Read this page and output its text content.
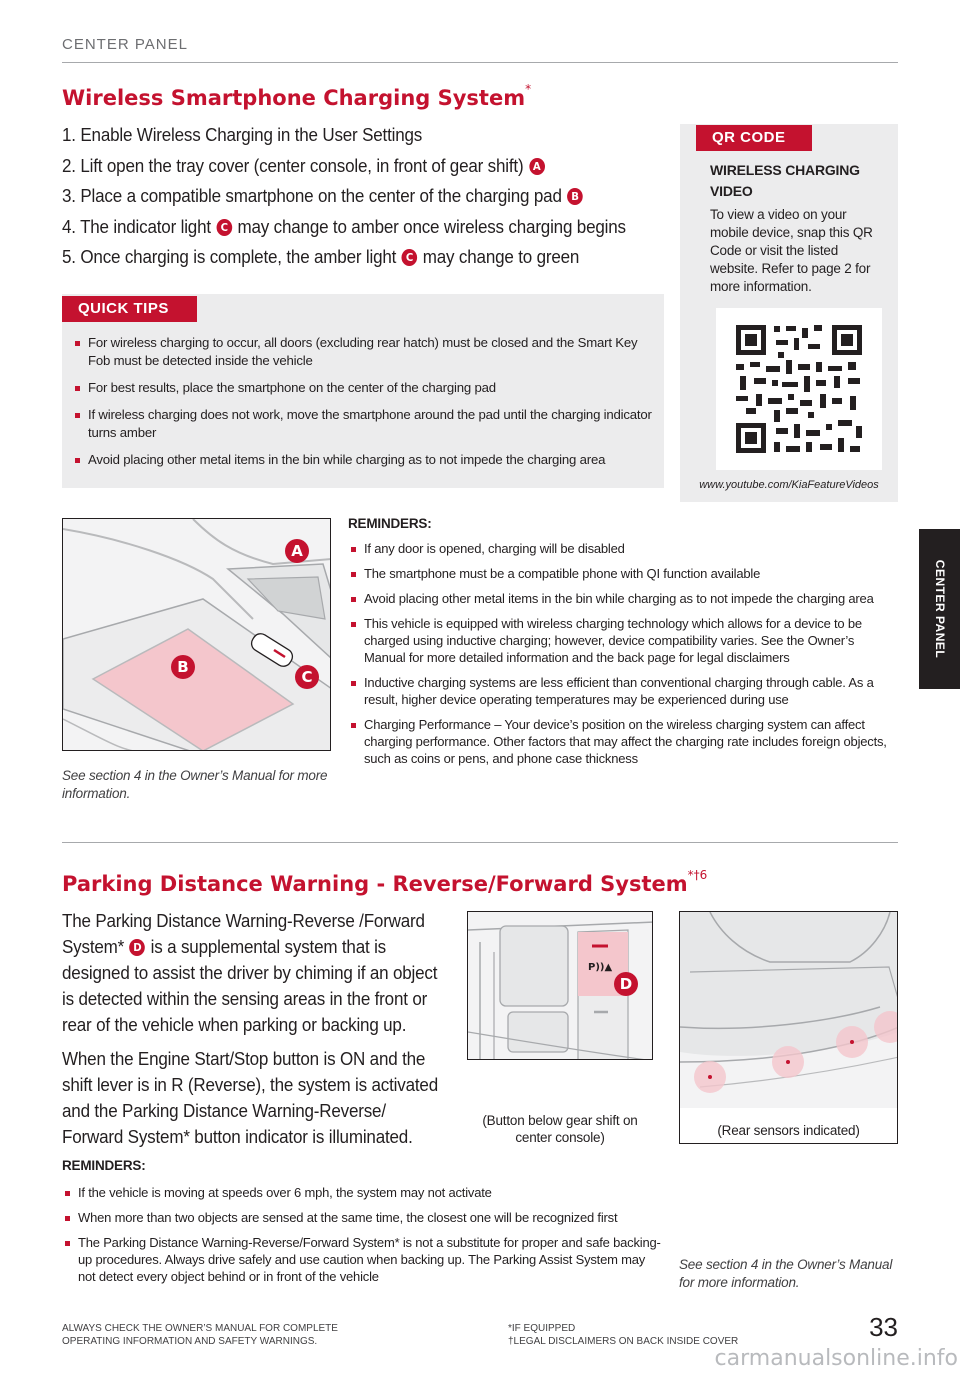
CENTER PANEL
CENTER PANEL
Wireless Smartphone Charging System*
1. Enable Wireless Charging in the User Settings
2. Lift open the tray cover (center console, in front of gear shift) A
3. Place a compatible smartphone on the center of the charging pad B
4. The indicator light C may change to amber once wireless charging begins
5. Once charging is complete, the amber light C may change to green
QUICK TIPS
For wireless charging to occur, all doors (excluding rear hatch) must be closed and the Smart Key Fob must be detected inside the vehicle
For best results, place the smartphone on the center of the charging pad
If wireless charging does not work, move the smartphone around the pad until the charging indicator turns amber
Avoid placing other metal items in the bin while charging as to not impede the charging area
QR CODE
WIRELESS CHARGING VIDEO
To view a video on your mobile device, snap this QR Code or visit the listed website. Refer to page 2 for more information.
www.youtube.com/KiaFeatureVideos
A
B
C
See section 4 in the Owner’s Manual for more information.
REMINDERS:
If any door is opened, charging will be disabled
The smartphone must be a compatible phone with QI function available
Avoid placing other metal items in the bin while charging as to not impede the charging area
This vehicle is equipped with wireless charging technology which allows for a device to be charged using inductive charging; however, device compatibility varies. See the Owner’s Manual for more detailed information and the back page for legal disclaimers
Inductive charging systems are less efficient than conventional charging through cable. As a result, higher device operating temperatures may be experienced during use
Charging Performance – Your device’s position on the wireless charging system can affect charging performance. Other factors that may affect the charging rate includes foreign objects, such as coins or pens, and phone case thickness
Parking Distance Warning - Reverse/Forward System$^{*\dagger 6}$

The Parking Distance Warning-Reverse /Forward System* D is a supplemental system that is designed to assist the driver by chiming if an object is detected within the sensing areas in the front or rear of the vehicle when parking or backing up.

When the Engine Start/Stop button is ON and the shift lever is in R (Reverse), the system is activated and the Parking Distance Warning-Reverse/ Forward System* button indicator is illuminated.

P))▲
D
(Button below gear shift on center console)	(Rear sensors indicated)
REMINDERS:
If the vehicle is moving at speeds over 6 mph, the system may not activate
When more than two objects are sensed at the same time, the closest one will be recognized first
The Parking Distance Warning-Reverse/Forward System* is not a substitute for proper and safe backing-up procedures. Always drive safely and use caution when backing up. The Parking Assist System may not detect every object behind or in front of the vehicle
See section 4 in the Owner’s Manual for more information.
ALWAYS CHECK THE OWNER’S MANUAL FOR COMPLETE
OPERATING INFORMATION AND SAFETY WARNINGS.
*IF EQUIPPED
†LEGAL DISCLAIMERS ON BACK INSIDE COVER	33
carmanualsonline.info
